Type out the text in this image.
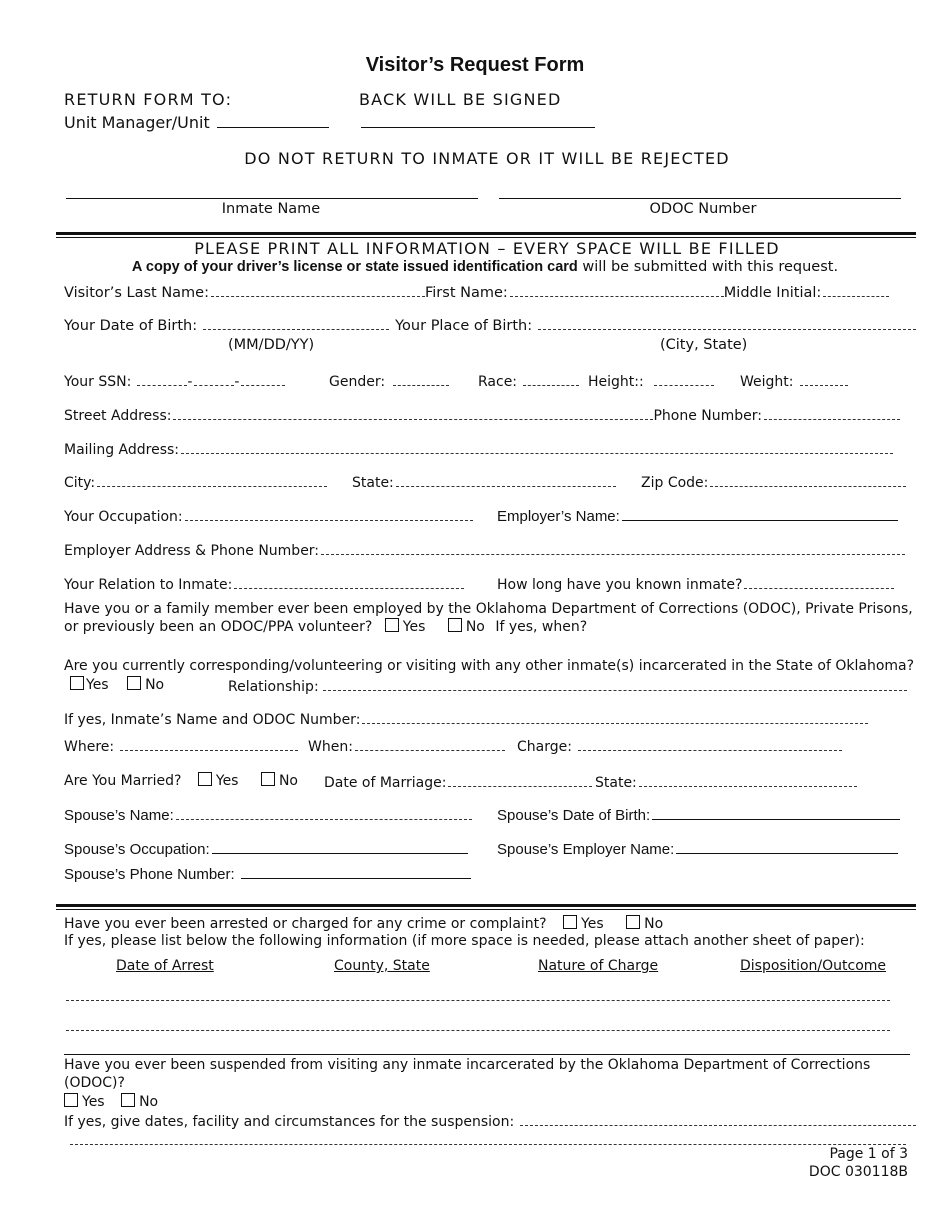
Visitor’s Request Form
RETURN FORM TO:	BACK WILL BE SIGNED
Unit Manager/Unit
DO NOT RETURN TO INMATE OR IT WILL BE REJECTED
Inmate Name	ODOC Number
PLEASE PRINT ALL INFORMATION – EVERY SPACE WILL BE FILLED
A copy of your driver’s license or state issued identification card will be submitted with this request.
Visitor’s Last Name:	First Name:	Middle Initial:
Your Date of Birth:	Your Place of Birth:
(MM/DD/YY)	(City, State)
Your SSN:	-	-	Gender:	Race:	Height::	Weight:
Street Address:	Phone Number:
Mailing Address:
City:	State:	Zip Code:
Your Occupation:	Employer’s Name:
Employer Address & Phone Number:
Your Relation to Inmate:	How long have you known inmate?
Have you or a family member ever been employed by the Oklahoma Department of Corrections (ODOC), Private Prisons,
or previously been an ODOC/PPA volunteer? Yes	No If yes, when?
Are you currently corresponding/volunteering or visiting with any other inmate(s) incarcerated in the State of Oklahoma?
Yes	No	Relationship:
If yes, Inmate’s Name and ODOC Number:
Where:	When:	Charge:
Are You Married? Yes	No Date of Marriage:	State:
Spouse’s Name:	Spouse’s Date of Birth:
Spouse’s Occupation:	Spouse’s Employer Name:
Spouse’s Phone Number:
Have you ever been arrested or charged for any crime or complaint? Yes	No
If yes, please list below the following information (if more space is needed, please attach another sheet of paper):
Date of Arrest	County, State	Nature of Charge	Disposition/Outcome
Have you ever been suspended from visiting any inmate incarcerated by the Oklahoma Department of Corrections
(ODOC)?
Yes No
If yes, give dates, facility and circumstances for the suspension:
Page 1 of 3
DOC 030118B
